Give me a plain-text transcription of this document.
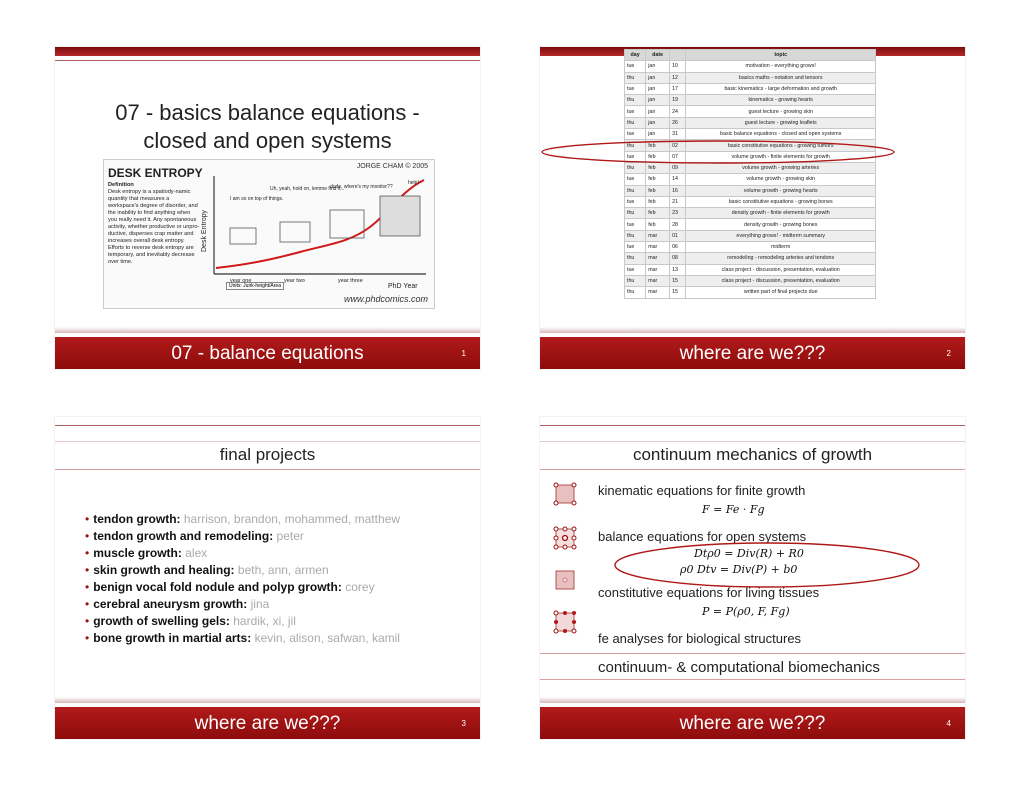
07 - basics balance equations -
closed and open systems
DESK ENTROPY	JORGE CHAM © 2005
Definition
Desk entropy is a spatiody-namic quantity that measures a workspace's degree of disorder, and the inability to find anything when you really need it. Any spontaneous activity, whether productive or unpro-ductive, disperses crap matter and increases overall desk entropy. Efforts to reverse desk entropy are temporary, and inevitably decrease over time.
Desk Entropy
PhD Year
year one	year two	year three
I am so on top of things.
Uh, yeah, hold on, lemme find it...
dude, where's my monitor??
help!
Units: Junk-height/Area
www.phdcomics.com
07 - balance equations	1
day	date		topic
tue	jan	10	motivation - everything grows!
thu	jan	12	basics maths - notation and tensors
tue	jan	17	basic kinematics - large deformation and growth
thu	jan	19	kinematics - growing hearts
tue	jan	24	guest lecture - growing skin
thu	jan	26	guest lecture - growing leaflets
tue	jan	31	basic balance equations - closed and open systems
thu	feb	02	basic constitutive equations - growing tumors
tue	feb	07	volume growth - finite elements for growth
thu	feb	09	volume growth - growing arteries
tue	feb	14	volume growth - growing skin
thu	feb	16	volume growth - growing hearts
tue	feb	21	basic constitutive equations - growing bones
thu	feb	23	density growth - finite elements for growth
tue	feb	28	density growth - growing bones
thu	mar	01	everything grows! - midterm summary
tue	mar	06	midterm
thu	mar	08	remodeling - remodeling arteries and tendons
tue	mar	13	class project - discussion, presentation, evaluation
thu	mar	15	class project - discussion, presentation, evaluation
thu	mar	15	written part of final projects due
where are we???	2
final projects
• tendon growth: harrison, brandon, mohammed, matthew
• tendon growth and remodeling: peter
• muscle growth: alex
• skin growth and healing: beth, ann, armen
• benign vocal fold nodule and polyp growth: corey
• cerebral aneurysm growth: jina
• growth of swelling gels: hardik, xi, jil
• bone growth in martial arts: kevin, alison, safwan, kamil
where are we???	3
continuum mechanics of growth
kinematic equations for finite growth
F = Fe · Fg
balance equations for open systems
Dtρ0 = Div(R) + R0
ρ0 Dtv = Div(P) + b0
constitutive equations for living tissues
P = P(ρ0, F, Fg)
fe analyses for biological structures
continuum- & computational biomechanics
where are we???	4
